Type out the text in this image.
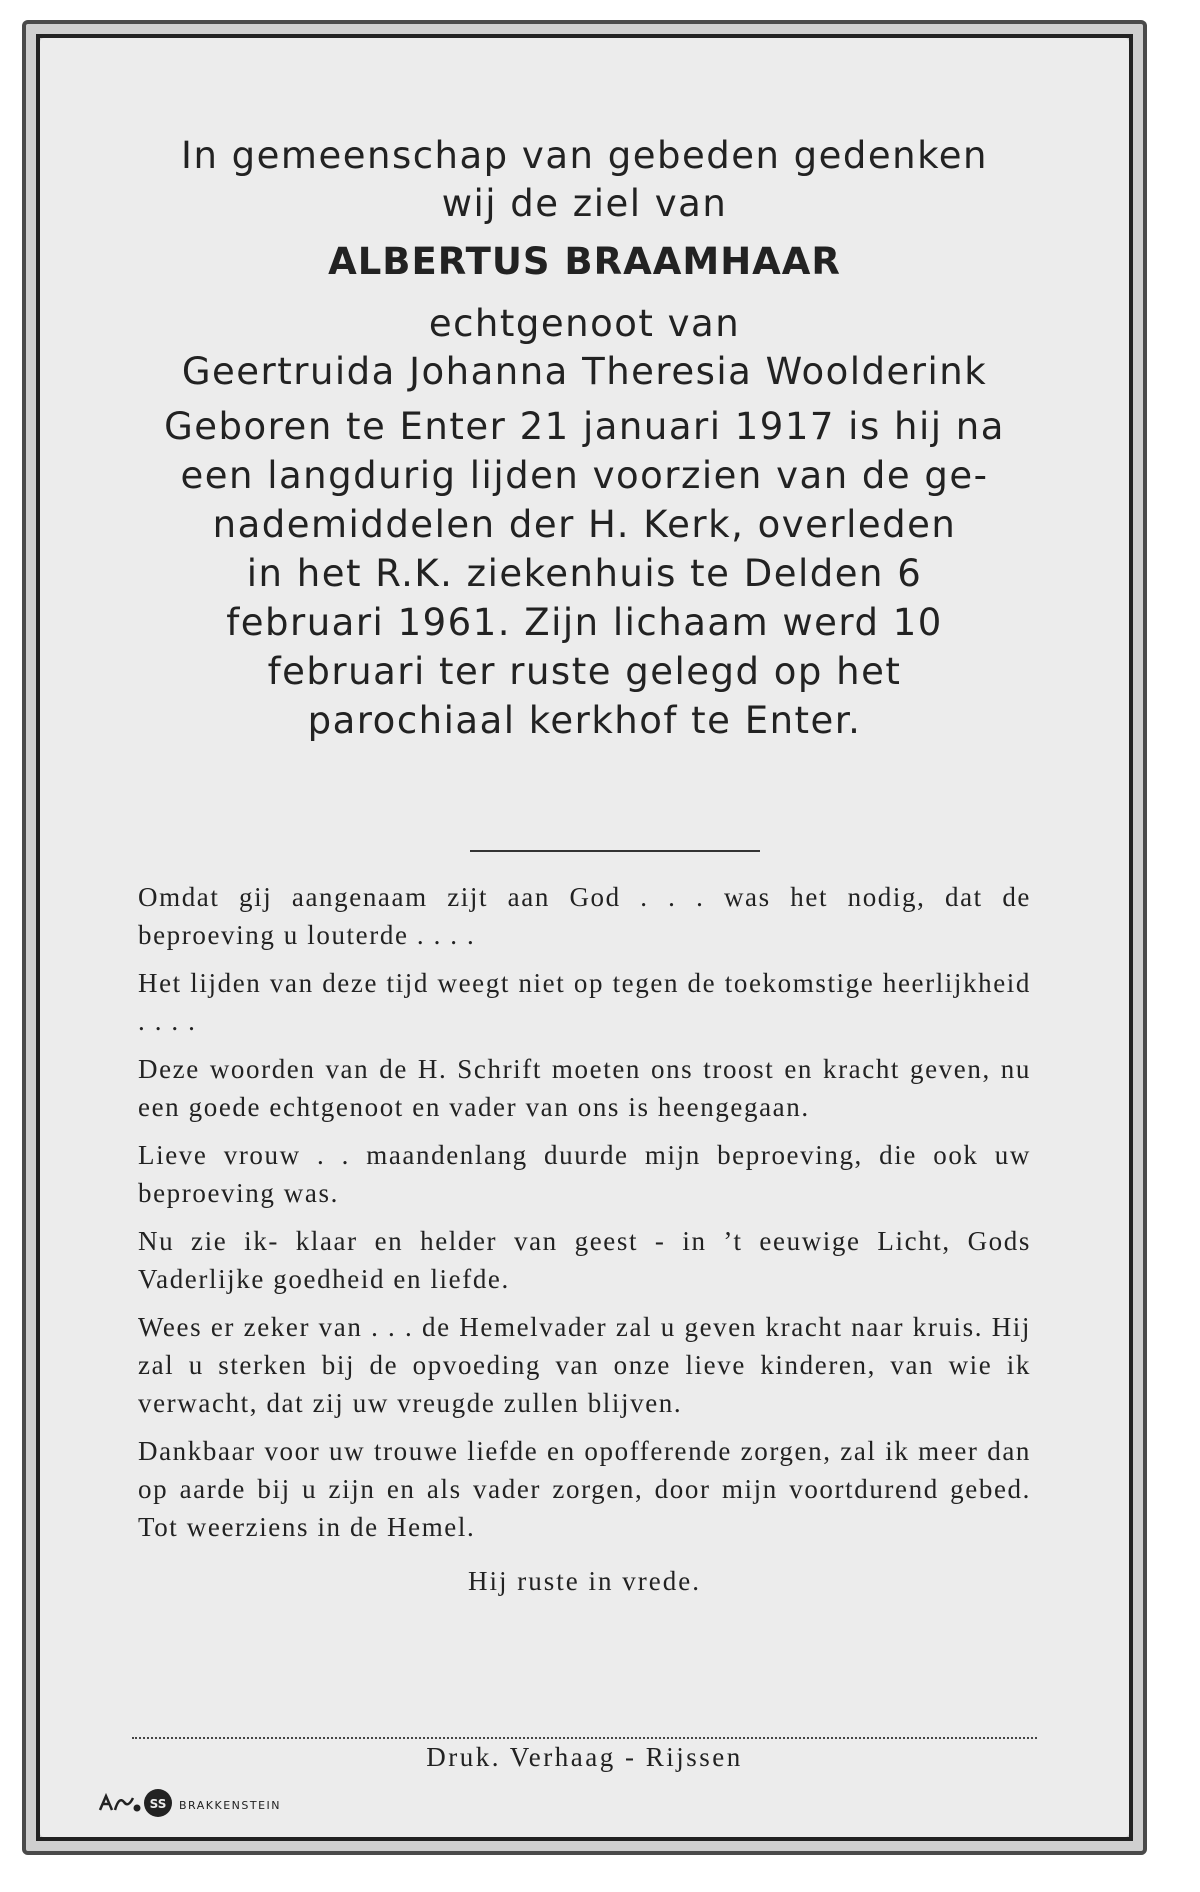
In gemeenschap van gebeden gedenken
wij de ziel van
ALBERTUS BRAAMHAAR
echtgenoot van
Geertruida Johanna Theresia Woolderink
Geboren te Enter 21 januari 1917 is hij na
een langdurig lijden voorzien van de ge-
nademiddelen der H. Kerk, overleden
in het R.K. ziekenhuis te Delden 6
februari 1961. Zijn lichaam werd 10
februari ter ruste gelegd op het
parochiaal kerkhof te Enter.

Omdat gij aangenaam zijt aan God . . . was het nodig, dat de beproeving u louterde . . . .

Het lijden van deze tijd weegt niet op tegen de toekomstige heerlijkheid . . . .

Deze woorden van de H. Schrift moeten ons troost en kracht geven, nu een goede echtgenoot en vader van ons is heengegaan.

Lieve vrouw . . maandenlang duurde mijn beproeving, die ook uw beproeving was.

Nu zie ik- klaar en helder van geest - in ’t eeuwige Licht, Gods Vaderlijke goedheid en liefde.

Wees er zeker van . . . de Hemelvader zal u geven kracht naar kruis. Hij zal u sterken bij de opvoeding van onze lieve kinderen, van wie ik verwacht, dat zij uw vreugde zullen blijven.

Dankbaar voor uw trouwe liefde en opofferende zorgen, zal ik meer dan op aarde bij u zijn en als vader zorgen, door mijn voortdurend gebed. Tot weerziens in de Hemel.

Hij ruste in vrede.
Druk. Verhaag - Rijssen
SS BRAKKENSTEIN
